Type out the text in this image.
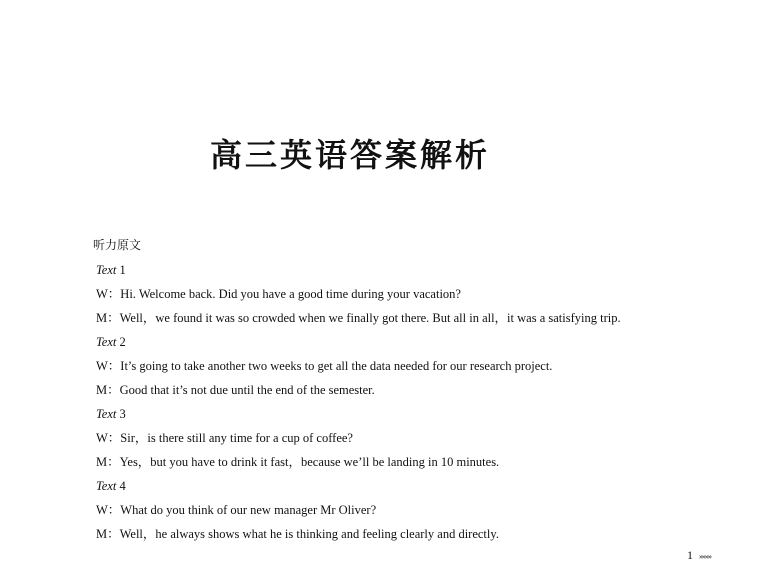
高三英语答案解析
听力原文
Text 1
W：Hi. Welcome back. Did you have a good time during your vacation?
M：Well，we found it was so crowded when we finally got there. But all in all，it was a satisfying trip.
Text 2
W：It’s going to take another two weeks to get all the data needed for our research project.
M：Good that it’s not due until the end of the semester.
Text 3
W：Sir，is there still any time for a cup of coffee?
M：Yes，but you have to drink it fast，because we’ll be landing in 10 minutes.
Text 4
W：What do you think of our new manager Mr Oliver?
M：Well，he always shows what he is thinking and feeling clearly and directly.
1 »»»»
